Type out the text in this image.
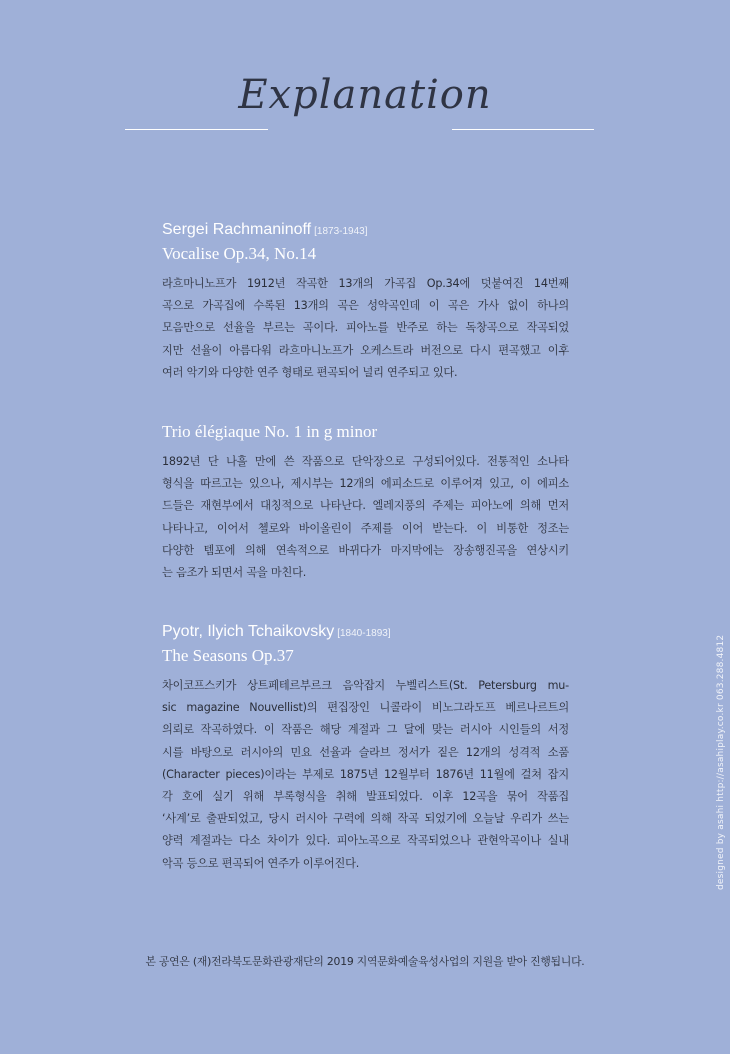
Explanation
Sergei Rachmaninoff [1873-1943]
Vocalise Op.34, No.14
라흐마니노프가 1912년 작곡한 13개의 가곡집 Op.34에 덧붙여진 14번째
곡으로 가곡집에 수록된 13개의 곡은 성악곡인데 이 곡은 가사 없이 하나의
모음만으로 선율을 부르는 곡이다. 피아노를 반주로 하는 독창곡으로 작곡되었
지만 선율이 아름다워 라흐마니노프가 오케스트라 버전으로 다시 편곡했고 이후
여러 악기와 다양한 연주 형태로 편곡되어 널리 연주되고 있다.
Trio élégiaque No. 1 in g minor
1892년 단 나흘 만에 쓴 작품으로 단악장으로 구성되어있다. 전통적인 소나타
형식을 따르고는 있으나, 제시부는 12개의 에피소드로 이루어져 있고, 이 에피소
드들은 재현부에서 대칭적으로 나타난다. 엘레지풍의 주제는 피아노에 의해 먼저
나타나고, 이어서 첼로와 바이올린이 주제를 이어 받는다. 이 비통한 정조는
다양한 템포에 의해 연속적으로 바뀌다가 마지막에는 장송행진곡을 연상시키
는 음조가 되면서 곡을 마친다.
Pyotr, Ilyich Tchaikovsky [1840-1893]
The Seasons Op.37
차이코프스키가 상트페테르부르크 음악잡지 누벨리스트(St. Petersburg mu-
sic magazine Nouvellist)의 편집장인 니콜라이 비노그라도프 베르나르트의
의뢰로 작곡하였다. 이 작품은 해당 계절과 그 달에 맞는 러시아 시인들의 서정
시를 바탕으로 러시아의 민요 선율과 슬라브 정서가 짙은 12개의 성격적 소품
(Character pieces)이라는 부제로 1875년 12월부터 1876년 11월에 걸쳐 잡지
각 호에 실기 위해 부록형식을 취해 발표되었다. 이후 12곡을 묶어 작품집
‘사계’로 출판되었고, 당시 러시아 구력에 의해 작곡 되었기에 오늘날 우리가 쓰는
양력 계절과는 다소 차이가 있다. 피아노곡으로 작곡되었으나 관현악곡이나 실내
악곡 등으로 편곡되어 연주가 이루어진다.
본 공연은 (재)전라북도문화관광재단의 2019 지역문화예술육성사업의 지원을 받아 진행됩니다.
designed by asahi http://asahiplay.co.kr 063.288.4812
